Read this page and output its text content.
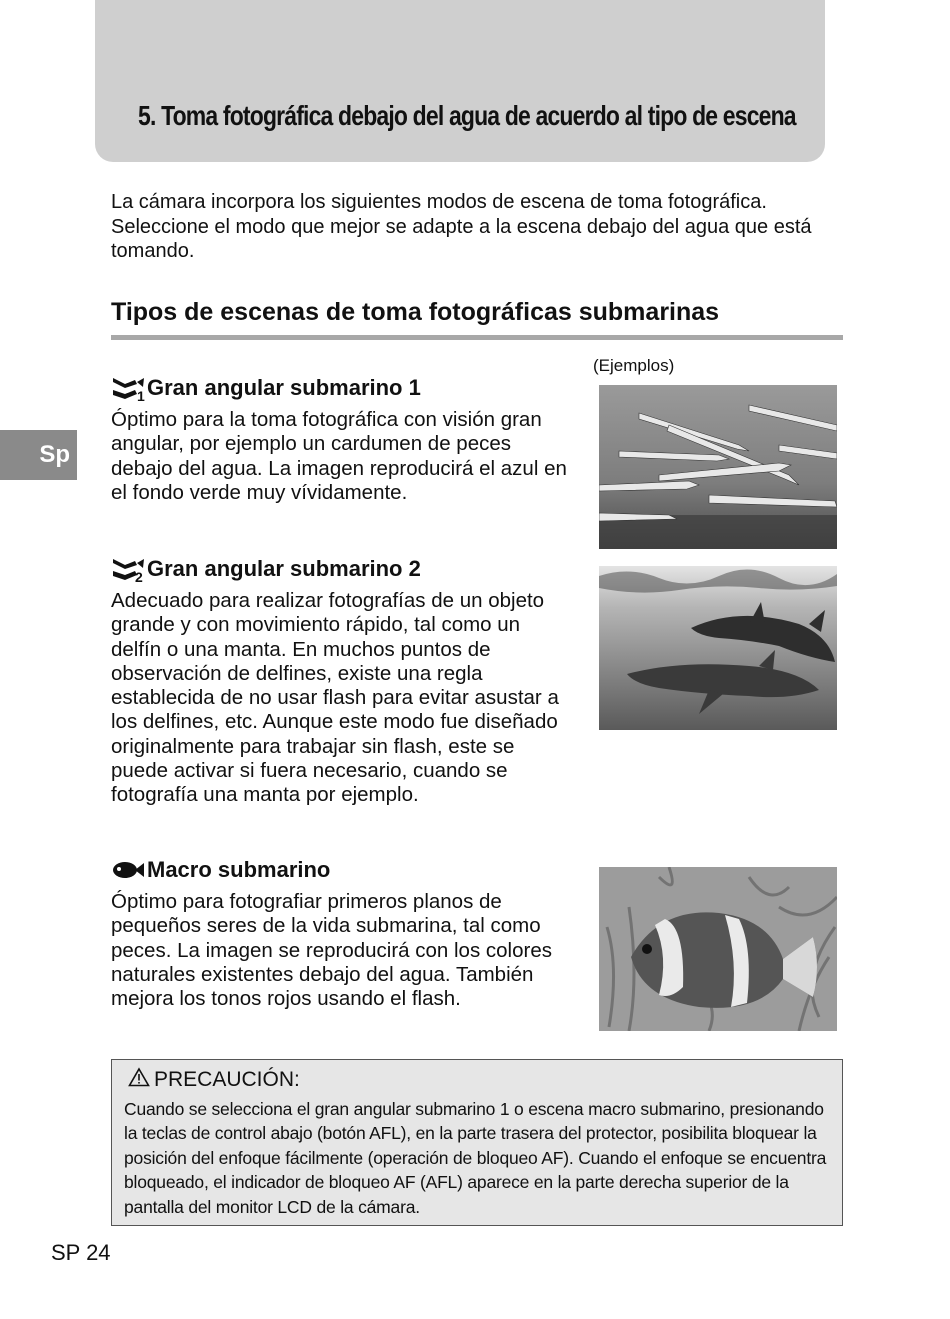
5. Toma fotográfica debajo del agua de acuerdo al tipo de escena
Sp
La cámara incorpora los siguientes modos de escena de toma fotográfica. Seleccione el modo que mejor se adapte a la escena debajo del agua que está tomando.
Tipos de escenas de toma fotográficas submarinas
(Ejemplos)
1 Gran angular submarino 1
Óptimo para la toma fotográfica con visión gran angular, por ejemplo un cardumen de peces debajo del agua. La imagen reproducirá el azul en el fondo verde muy vívidamente.
2 Gran angular submarino 2
Adecuado para realizar fotografías de un objeto grande y con movimiento rápido, tal como un delfín o una manta. En muchos puntos de observación de delfines, existe una regla establecida de no usar flash para evitar asustar a los delfines, etc. Aunque este modo fue diseñado originalmente para trabajar sin flash, este se puede activar si fuera necesario, cuando se fotografía una manta por ejemplo.
Macro submarino
Óptimo para fotografiar primeros planos de pequeños seres de la vida submarina, tal como peces. La imagen se reproducirá con los colores naturales existentes debajo del agua. También mejora los tonos rojos usando el flash.
PRECAUCIÓN:
Cuando se selecciona el gran angular submarino 1 o escena macro submarino, presionando la teclas de control abajo (botón AFL), en la parte trasera del protector, posibilita bloquear la posición del enfoque fácilmente (operación de bloqueo AF). Cuando el enfoque se encuentra bloqueado, el indicador de bloqueo AF (AFL) aparece en la parte derecha superior de la pantalla del monitor LCD de la cámara.
SP 24
